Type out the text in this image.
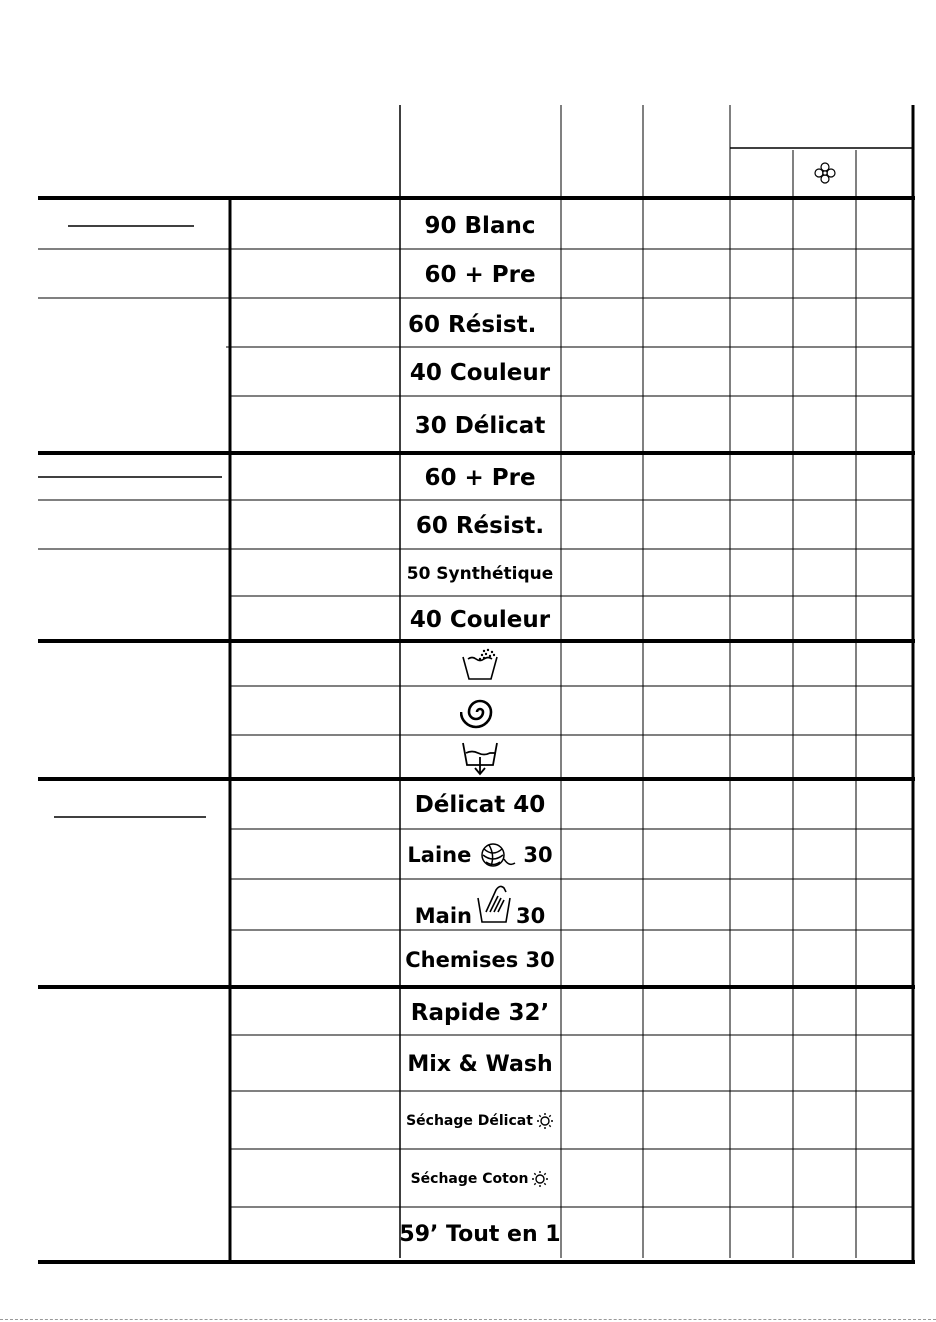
90 Blanc
60 + Pre
60 Résist.
40 Couleur
30 Délicat
60 + Pre
60 Résist.
50 Synthétique
40 Couleur
Délicat 40
Laine 30
Main 30
Chemises 30
Rapide 32’
Mix & Wash
Séchage Délicat
Séchage Coton
59’ Tout en 1
